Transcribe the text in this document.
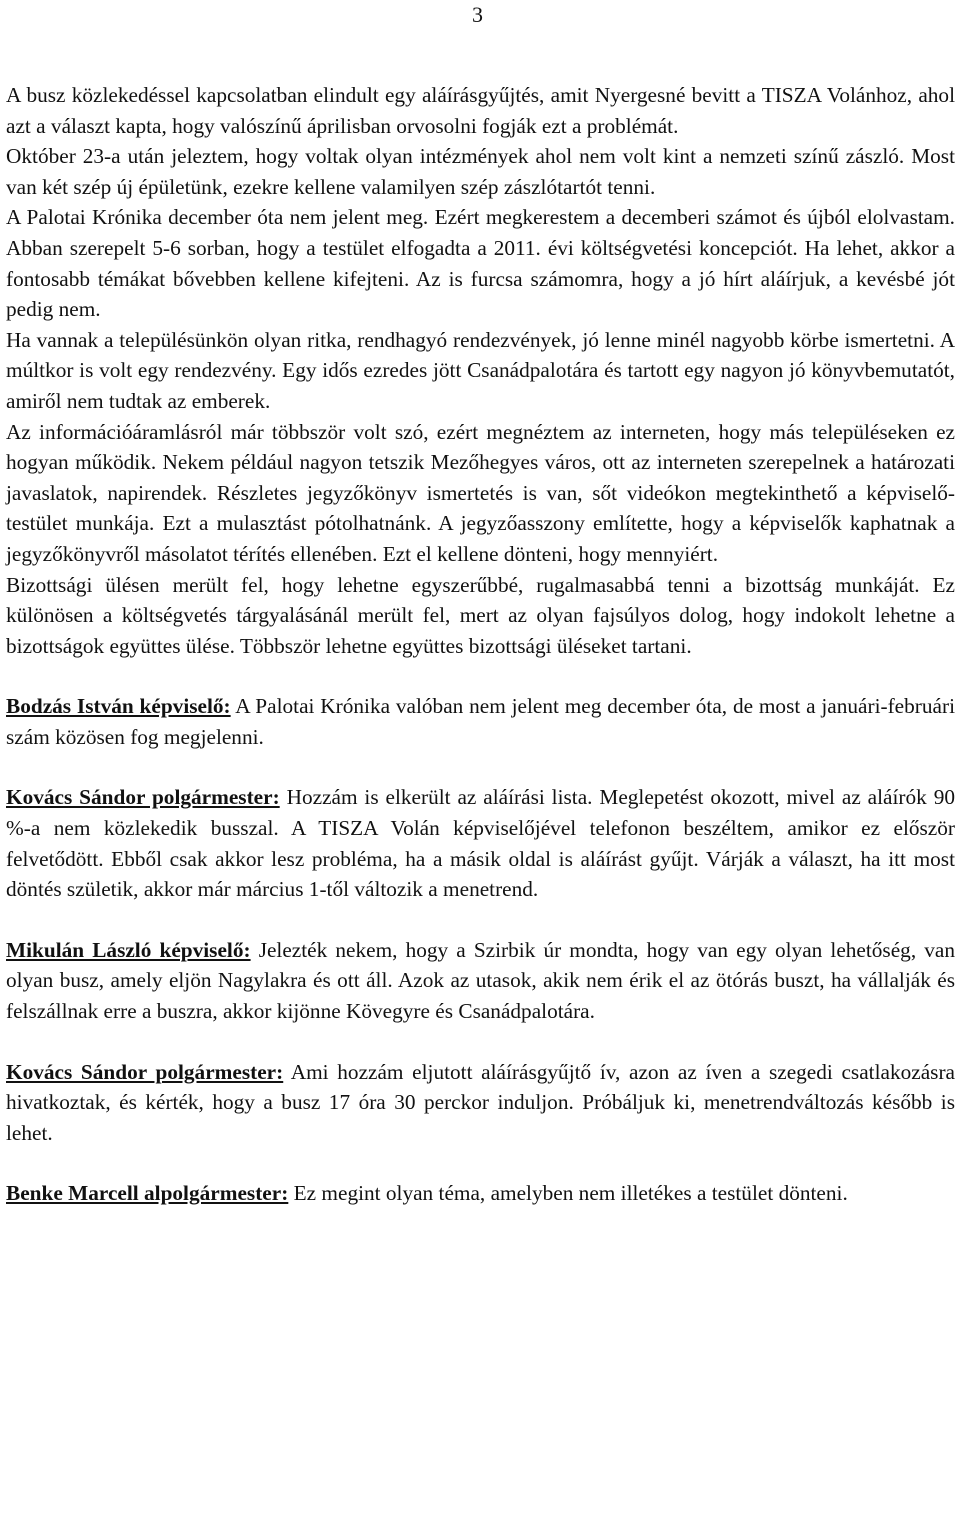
3

A busz közlekedéssel kapcsolatban elindult egy aláírásgyűjtés, amit Nyergesné bevitt a TISZA Volánhoz, ahol azt a választ kapta, hogy valószínű áprilisban orvosolni fogják ezt a problémát.

Október 23-a után jeleztem, hogy voltak olyan intézmények ahol nem volt kint a nemzeti színű zászló. Most van két szép új épületünk, ezekre kellene valamilyen szép zászlótartót tenni.

A Palotai Krónika december óta nem jelent meg. Ezért megkerestem a decemberi számot és újból elolvastam. Abban szerepelt 5-6 sorban, hogy a testület elfogadta a 2011. évi költségvetési koncepciót. Ha lehet, akkor a fontosabb témákat bővebben kellene kifejteni. Az is furcsa számomra, hogy a jó hírt aláírjuk, a kevésbé jót pedig nem.

Ha vannak a településünkön olyan ritka, rendhagyó rendezvények, jó lenne minél nagyobb körbe ismertetni. A múltkor is volt egy rendezvény. Egy idős ezredes jött Csanádpalotára és tartott egy nagyon jó könyvbemutatót, amiről nem tudtak az emberek.

Az információáramlásról már többször volt szó, ezért megnéztem az interneten, hogy más településeken ez hogyan működik. Nekem például nagyon tetszik Mezőhegyes város, ott az interneten szerepelnek a határozati javaslatok, napirendek. Részletes jegyzőkönyv ismertetés is van, sőt videókon megtekinthető a képviselő-testület munkája. Ezt a mulasztást pótolhatnánk. A jegyzőasszony említette, hogy a képviselők kaphatnak a jegyzőkönyvről másolatot térítés ellenében. Ezt el kellene dönteni, hogy mennyiért.

Bizottsági ülésen merült fel, hogy lehetne egyszerűbbé, rugalmasabbá tenni a bizottság munkáját. Ez különösen a költségvetés tárgyalásánál merült fel, mert az olyan fajsúlyos dolog, hogy indokolt lehetne a bizottságok együttes ülése. Többször lehetne együttes bizottsági üléseket tartani.

Bodzás István képviselő: A Palotai Krónika valóban nem jelent meg december óta, de most a januári-februári szám közösen fog megjelenni.

Kovács Sándor polgármester: Hozzám is elkerült az aláírási lista. Meglepetést okozott, mivel az aláírók 90 %-a nem közlekedik busszal. A TISZA Volán képviselőjével telefonon beszéltem, amikor ez először felvetődött. Ebből csak akkor lesz probléma, ha a másik oldal is aláírást gyűjt. Várják a választ, ha itt most döntés születik, akkor már március 1-től változik a menetrend.

Mikulán László képviselő: Jelezték nekem, hogy a Szirbik úr mondta, hogy van egy olyan lehetőség, van olyan busz, amely eljön Nagylakra és ott áll. Azok az utasok, akik nem érik el az ötórás buszt, ha vállalják és felszállnak erre a buszra, akkor kijönne Kövegyre és Csanádpalotára.

Kovács Sándor polgármester: Ami hozzám eljutott aláírásgyűjtő ív, azon az íven a szegedi csatlakozásra hivatkoztak, és kérték, hogy a busz 17 óra 30 perckor induljon. Próbáljuk ki, menetrendváltozás később is lehet.

Benke Marcell alpolgármester: Ez megint olyan téma, amelyben nem illetékes a testület dönteni.
